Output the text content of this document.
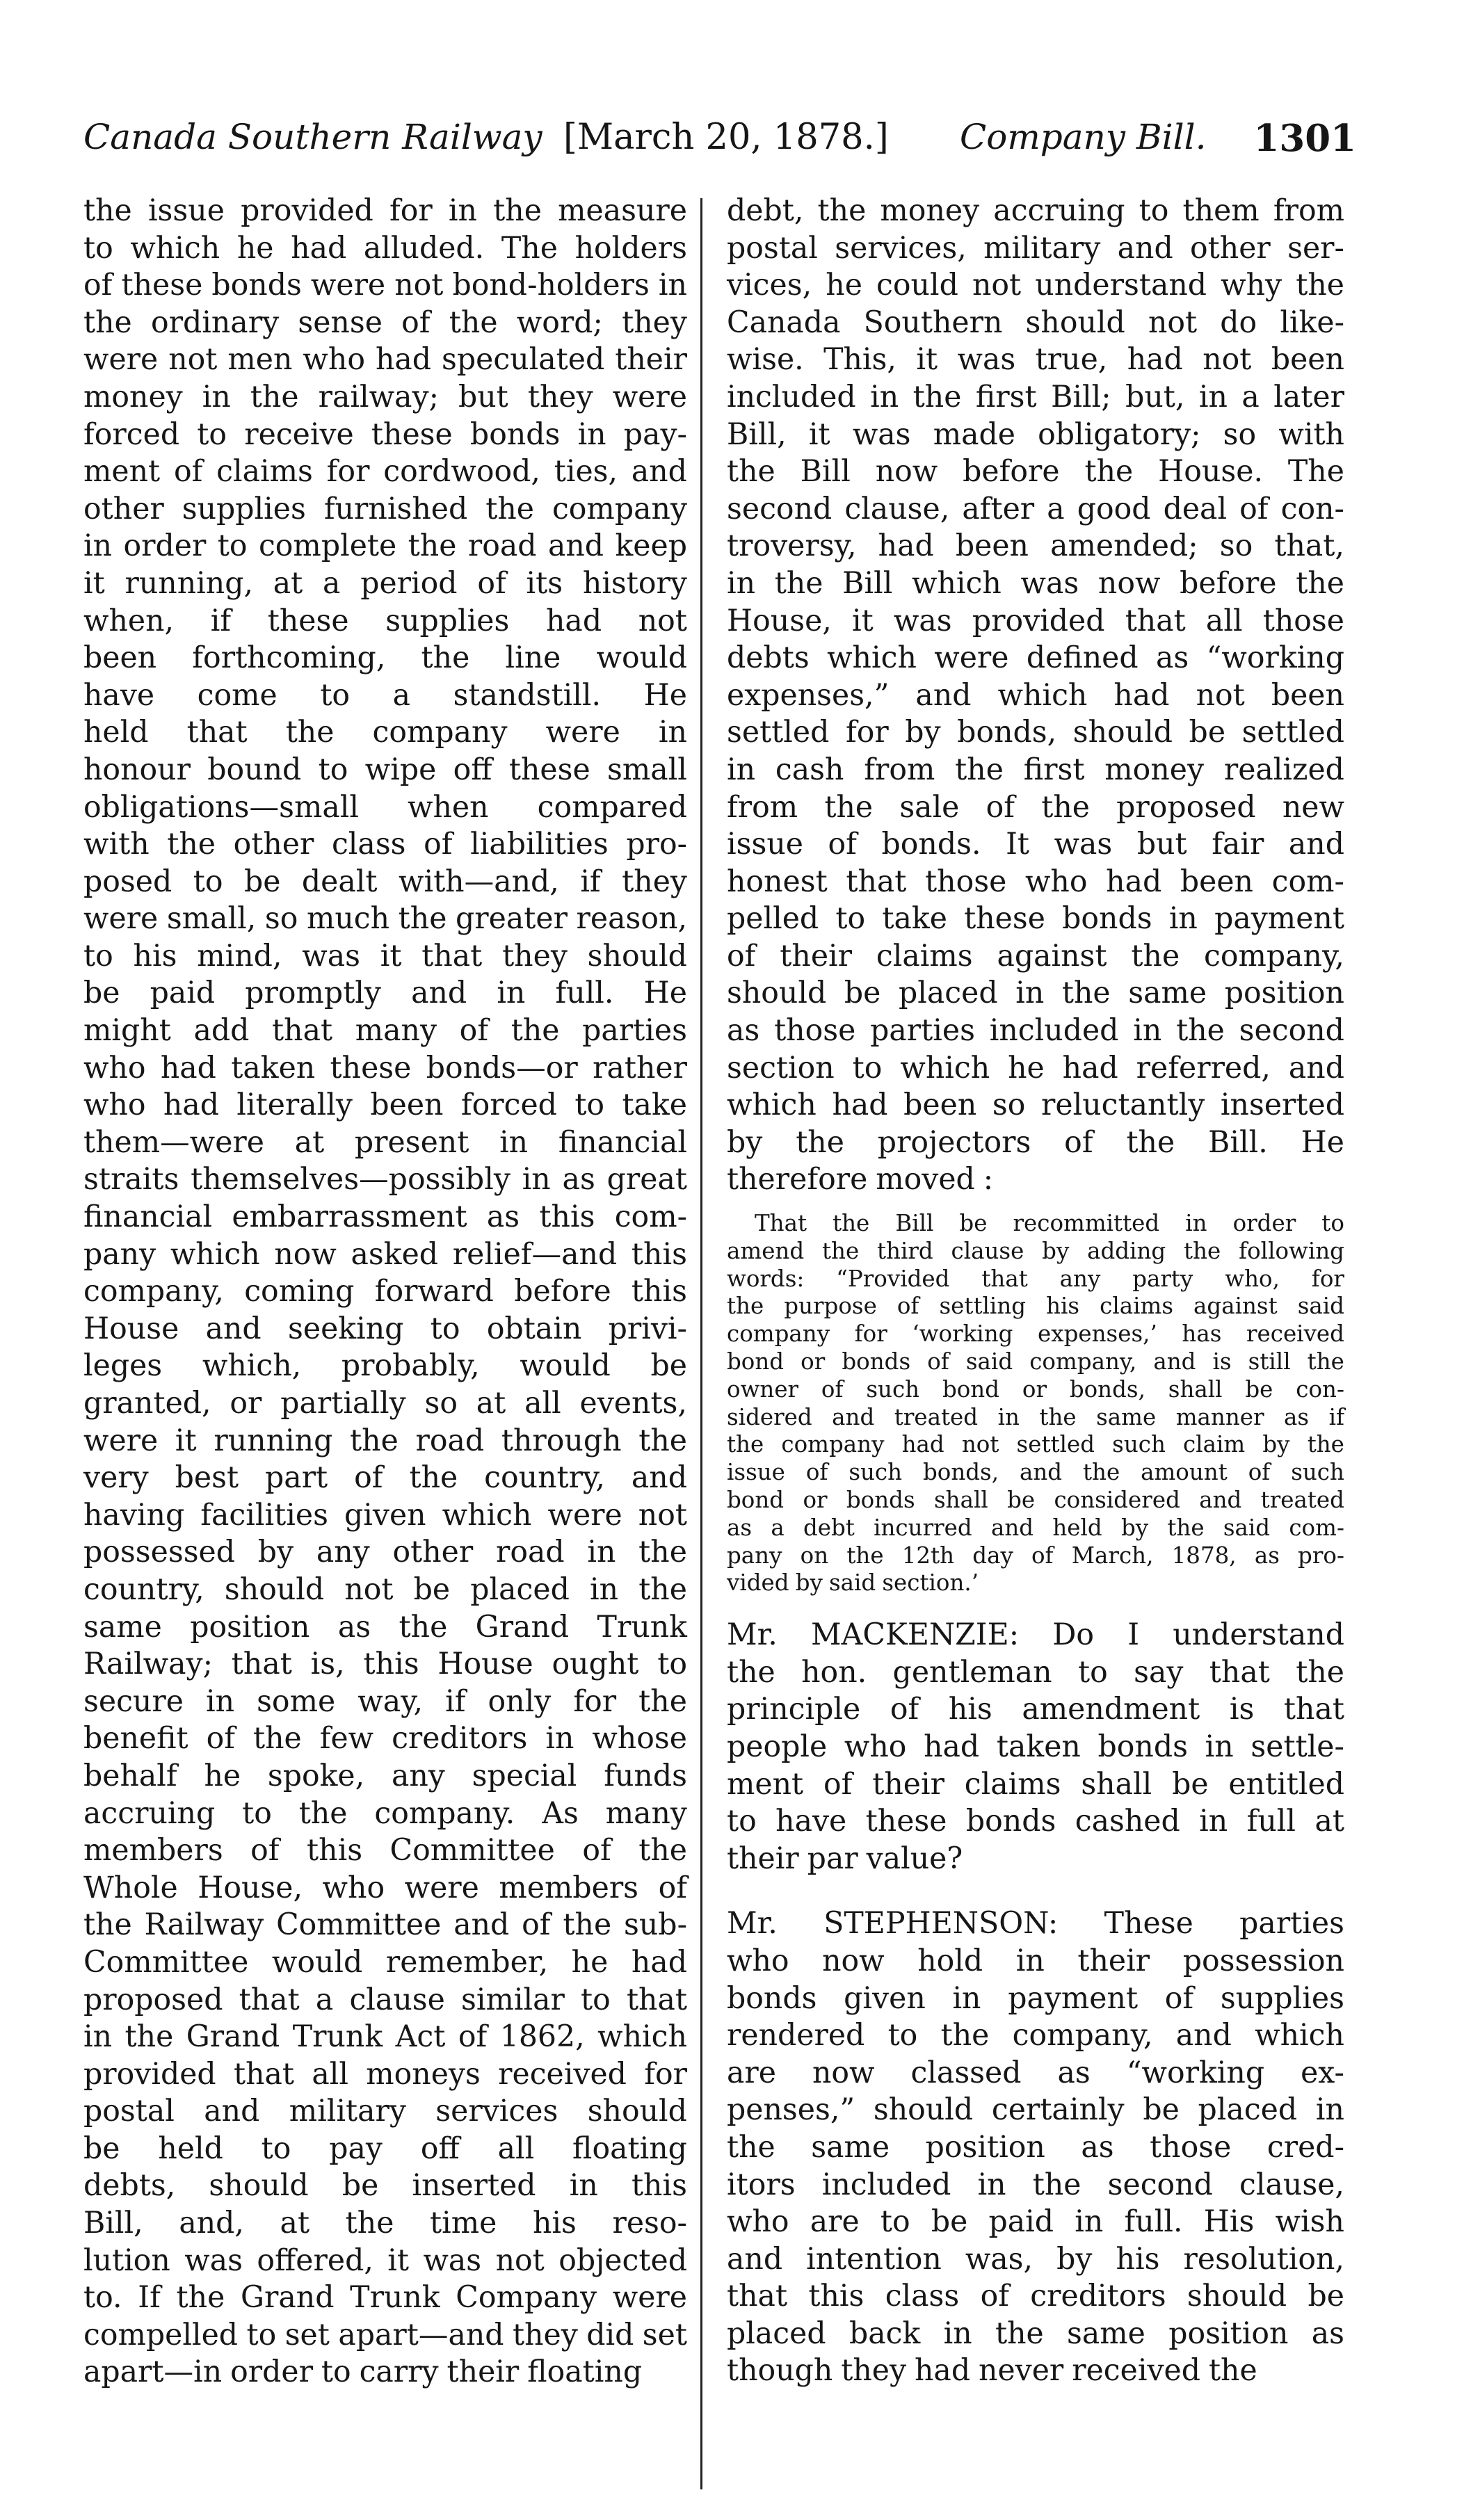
Canada Southern Railway [March 20, 1878.] Company Bill. 1301
the issue provided for in the measure
to which he had alluded. The holders
of these bonds were not bond-holders in
the ordinary sense of the word; they
were not men who had speculated their
money in the railway; but they were
forced to receive these bonds in pay-
ment of claims for cordwood, ties, and
other supplies furnished the company
in order to complete the road and keep
it running, at a period of its history
when, if these supplies had not
been forthcoming, the line would
have come to a standstill. He
held that the company were in
honour bound to wipe off these small
obligations—small when compared
with the other class of liabilities pro-
posed to be dealt with—and, if they
were small, so much the greater reason,
to his mind, was it that they should
be paid promptly and in full. He
might add that many of the parties
who had taken these bonds—or rather
who had literally been forced to take
them—were at present in financial
straits themselves—possibly in as great
financial embarrassment as this com-
pany which now asked relief—and this
company, coming forward before this
House and seeking to obtain privi-
leges which, probably, would be
granted, or partially so at all events,
were it running the road through the
very best part of the country, and
having facilities given which were not
possessed by any other road in the
country, should not be placed in the
same position as the Grand Trunk
Railway; that is, this House ought to
secure in some way, if only for the
benefit of the few creditors in whose
behalf he spoke, any special funds
accruing to the company. As many
members of this Committee of the
Whole House, who were members of
the Railway Committee and of the sub-
Committee would remember, he had
proposed that a clause similar to that
in the Grand Trunk Act of 1862, which
provided that all moneys received for
postal and military services should
be held to pay off all floating
debts, should be inserted in this
Bill, and, at the time his reso-
lution was offered, it was not objected
to. If the Grand Trunk Company were
compelled to set apart—and they did set
apart—in order to carry their floating
debt, the money accruing to them from
postal services, military and other ser-
vices, he could not understand why the
Canada Southern should not do like-
wise. This, it was true, had not been
included in the first Bill; but, in a later
Bill, it was made obligatory; so with
the Bill now before the House. The
second clause, after a good deal of con-
troversy, had been amended; so that,
in the Bill which was now before the
House, it was provided that all those
debts which were defined as “working
expenses,” and which had not been
settled for by bonds, should be settled
in cash from the first money realized
from the sale of the proposed new
issue of bonds. It was but fair and
honest that those who had been com-
pelled to take these bonds in payment
of their claims against the company,
should be placed in the same position
as those parties included in the second
section to which he had referred, and
which had been so reluctantly inserted
by the projectors of the Bill. He
therefore moved :
That the Bill be recommitted in order to
amend the third clause by adding the following
words: “Provided that any party who, for
the purpose of settling his claims against said
company for ‘working expenses,’ has received
bond or bonds of said company, and is still the
owner of such bond or bonds, shall be con-
sidered and treated in the same manner as if
the company had not settled such claim by the
issue of such bonds, and the amount of such
bond or bonds shall be considered and treated
as a debt incurred and held by the said com-
pany on the 12th day of March, 1878, as pro-
vided by said section.’
Mr. MACKENZIE: Do I understand
the hon. gentleman to say that the
principle of his amendment is that
people who had taken bonds in settle-
ment of their claims shall be entitled
to have these bonds cashed in full at
their par value?
Mr. STEPHENSON: These parties
who now hold in their possession
bonds given in payment of supplies
rendered to the company, and which
are now classed as “working ex-
penses,” should certainly be placed in
the same position as those cred-
itors included in the second clause,
who are to be paid in full. His wish
and intention was, by his resolution,
that this class of creditors should be
placed back in the same position as
though they had never received the
